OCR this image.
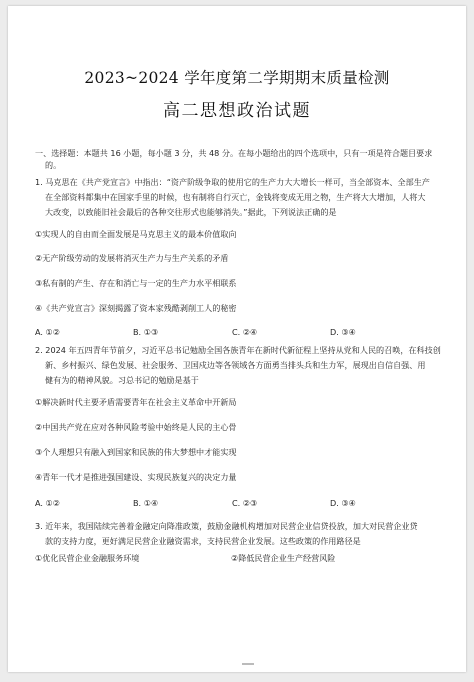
2023~2024 学年度第二学期期末质量检测
高二思想政治试题
一、选择题：本题共 16 小题，每小题 3 分，共 48 分。在每小题给出的四个选项中，只有一项是符合题目要求
的。
1. 马克思在《共产党宣言》中指出：“资产阶级争取的使用它的生产力大大增长一样可，当全部资本、全部生产
在全部资料都集中在国家手里的时候，也有制将自行灭亡，金钱将变成无用之物，生产将大大增加，人将大
大改变，以致能旧社会最后的各种交往形式也能够消失。”据此，下列说法正确的是
①实现人的自由而全面发展是马克思主义的最本价值取向
②无产阶级劳动的发展将消灭生产力与生产关系的矛盾
③私有制的产生、存在和消亡与一定的生产力水平相联系
④《共产党宣言》深刻揭露了资本家残酷剥削工人的秘密
A. ①②	B. ①③	C. ②④	D. ③④
2. 2024 年五四青年节前夕，习近平总书记勉励全国各族青年在新时代新征程上坚持从党和人民的召唤，在科技创
新、乡村振兴、绿色发展、社会服务、卫国戍边等各领域各方面勇当排头兵和生力军，展现出自信自强、用
健有为的精神风貌。习总书记的勉励是基于
①解决新时代主要矛盾需要青年在社会主义革命中开新局
②中国共产党在应对各种风险考验中始终是人民的主心骨
③个人理想只有融入到国家和民族的伟大梦想中才能实现
④青年一代才是推进强国建设、实现民族复兴的决定力量
A. ①②	B. ①④	C. ②③	D. ③④
3. 近年来，我国陆续完善着金融定向降准政策，鼓励金融机构增加对民营企业信贷投放，加大对民营企业贷
款的支持力度，更好满足民营企业融资需求，支持民营企业发展。这些政策的作用路径是
①优化民营企业金融服务环境	②降低民营企业生产经营风险
